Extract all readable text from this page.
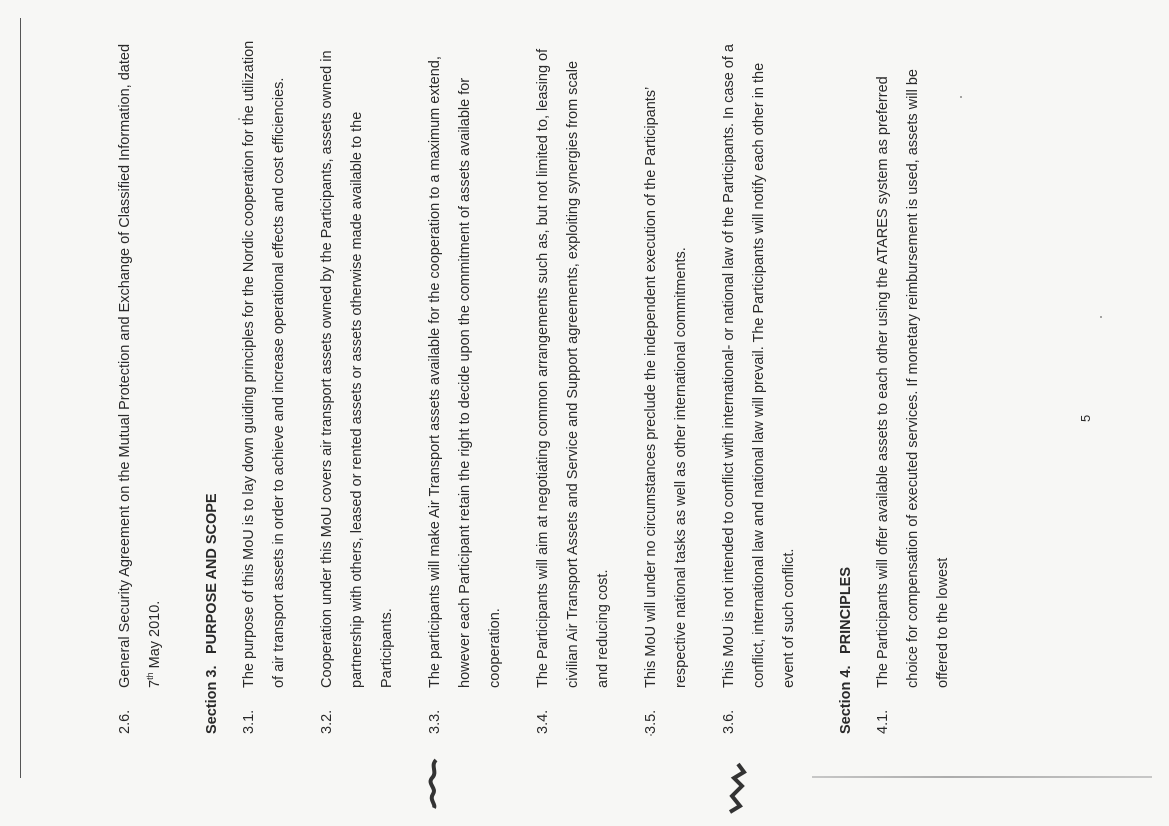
2.6.
General Security Agreement on the Mutual Protection and Exchange of Classified Information, dated 7th May 2010.
Section 3.
PURPOSE AND SCOPE
3.1.
The purpose of this MoU is to lay down guiding principles for the Nordic cooperation for the utilization of air transport assets in order to achieve and increase operational effects and cost efficiencies.
3.2.
Cooperation under this MoU covers air transport assets owned by the Participants, assets owned in partnership with others, leased or rented assets or assets otherwise made available to the Participants.
3.3.
The participants will make Air Transport assets available for the cooperation to a maximum extend, however each Participant retain the right to decide upon the commitment of assets available for cooperation.
3.4.
The Participants will aim at negotiating common arrangements such as, but not limited to, leasing of civilian Air Transport Assets and Service and Support agreements, exploiting synergies from scale and reducing cost.
3.5.
This MoU will under no circumstances preclude the independent execution of the Participants’ respective national tasks as well as other international commitments.
3.6.
This MoU is not intended to conflict with international- or national law of the Participants. In case of a conflict, international law and national law will prevail. The Participants will notify each other in the event of such conflict.
Section 4.
PRINCIPLES
4.1.
The Participants will offer available assets to each other using the ATARES system as preferred choice for compensation of executed services. If monetary reimbursement is used, assets will be offered to the lowest
5
